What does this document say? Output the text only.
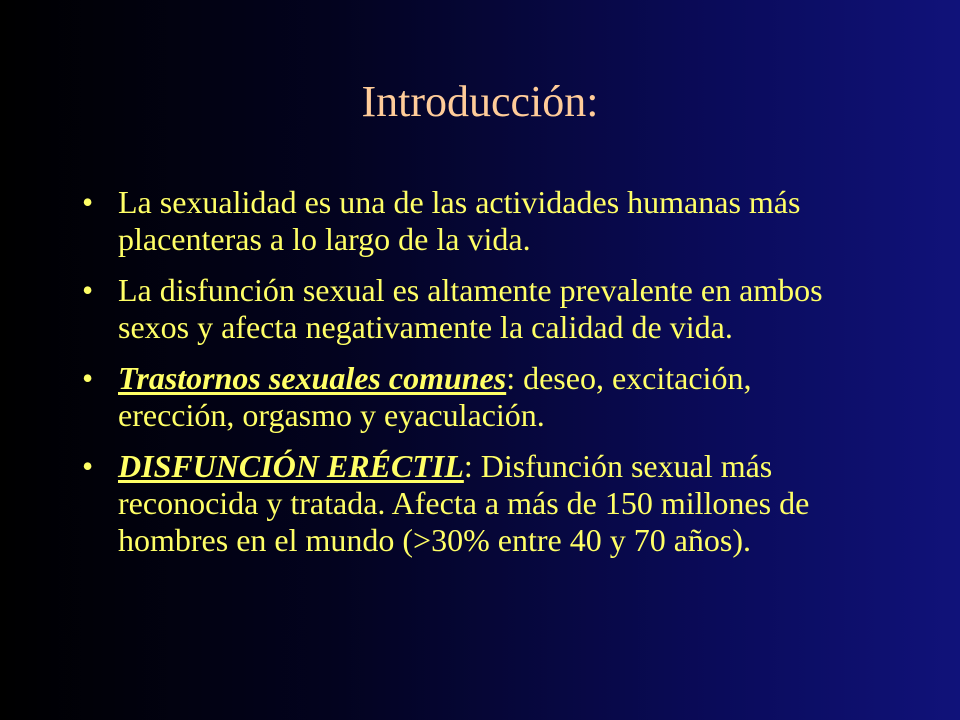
Introducción:
• La sexualidad es una de las actividades humanas más placenteras a lo largo de la vida.
• La disfunción sexual es altamente prevalente en ambos sexos y afecta negativamente la calidad de vida.
• Trastornos sexuales comunes: deseo, excitación, erección, orgasmo y eyaculación.
• DISFUNCIÓN ERÉCTIL: Disfunción sexual más reconocida y tratada. Afecta a más de 150 millones de hombres en el mundo (>30% entre 40 y 70 años).
